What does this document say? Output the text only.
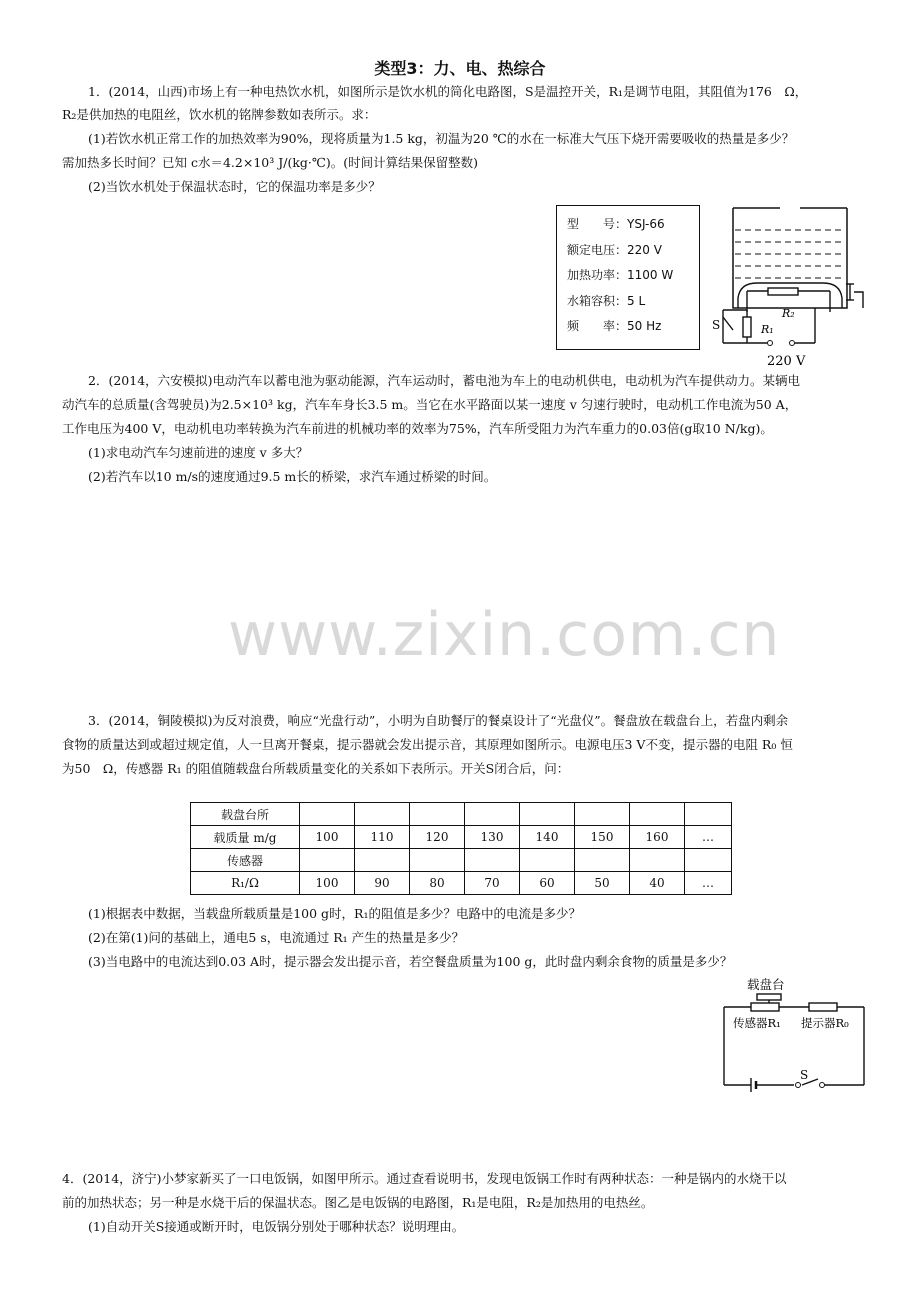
类型3：力、电、热综合
1．(2014，山西)市场上有一种电热饮水机，如图所示是饮水机的简化电路图，S是温控开关，R₁是调节电阻，其阻值为176　Ω，
R₂是供加热的电阻丝，饮水机的铭牌参数如表所示。求：
(1)若饮水机正常工作的加热效率为90%，现将质量为1.5 kg，初温为20 ℃的水在一标准大气压下烧开需要吸收的热量是多少？
需加热多长时间？已知 c水＝4.2×10³ J/(kg·℃)。(时间计算结果保留整数)
(2)当饮水机处于保温状态时，它的保温功率是多少？
型　　号：YSJ-66
额定电压：220 V
加热功率：1100 W
水箱容积：5 L
频　　率：50 Hz	S	R₁
R₂
220 V
2．(2014，六安模拟)电动汽车以蓄电池为驱动能源，汽车运动时，蓄电池为车上的电动机供电，电动机为汽车提供动力。某辆电
动汽车的总质量(含驾驶员)为2.5×10³ kg，汽车车身长3.5 m。当它在水平路面以某一速度 v 匀速行驶时，电动机工作电流为50 A，
工作电压为400 V，电动机电功率转换为汽车前进的机械功率的效率为75%，汽车所受阻力为汽车重力的0.03倍(g取10 N/kg)。
(1)求电动汽车匀速前进的速度 v 多大？
(2)若汽车以10 m/s的速度通过9.5 m长的桥梁，求汽车通过桥梁的时间。
www.zixin.com.cn
3．(2014，铜陵模拟)为反对浪费，响应“光盘行动”，小明为自助餐厅的餐桌设计了“光盘仪”。餐盘放在载盘台上，若盘内剩余
食物的质量达到或超过规定值，人一旦离开餐桌，提示器就会发出提示音，其原理如图所示。电源电压3 V不变，提示器的电阻 R₀ 恒
为50　Ω，传感器 R₁ 的阻值随载盘台所载质量变化的关系如下表所示。开关S闭合后，问：
载盘台所								
载质量 m/g	100	110	120	130	140	150	160	…
传感器								
R₁/Ω	100	90	80	70	60	50	40	…
(1)根据表中数据，当载盘所载质量是100 g时，R₁的阻值是多少？电路中的电流是多少？
(2)在第(1)问的基础上，通电5 s，电流通过 R₁ 产生的热量是多少？
(3)当电路中的电流达到0.03 A时，提示器会发出提示音，若空餐盘质量为100 g，此时盘内剩余食物的质量是多少？
载盘台
传感器R₁ 提示器R₀
S
4．(2014，济宁)小梦家新买了一口电饭锅，如图甲所示。通过查看说明书，发现电饭锅工作时有两种状态：一种是锅内的水烧干以
前的加热状态；另一种是水烧干后的保温状态。图乙是电饭锅的电路图，R₁是电阻，R₂是加热用的电热丝。
(1)自动开关S接通或断开时，电饭锅分别处于哪种状态？说明理由。
